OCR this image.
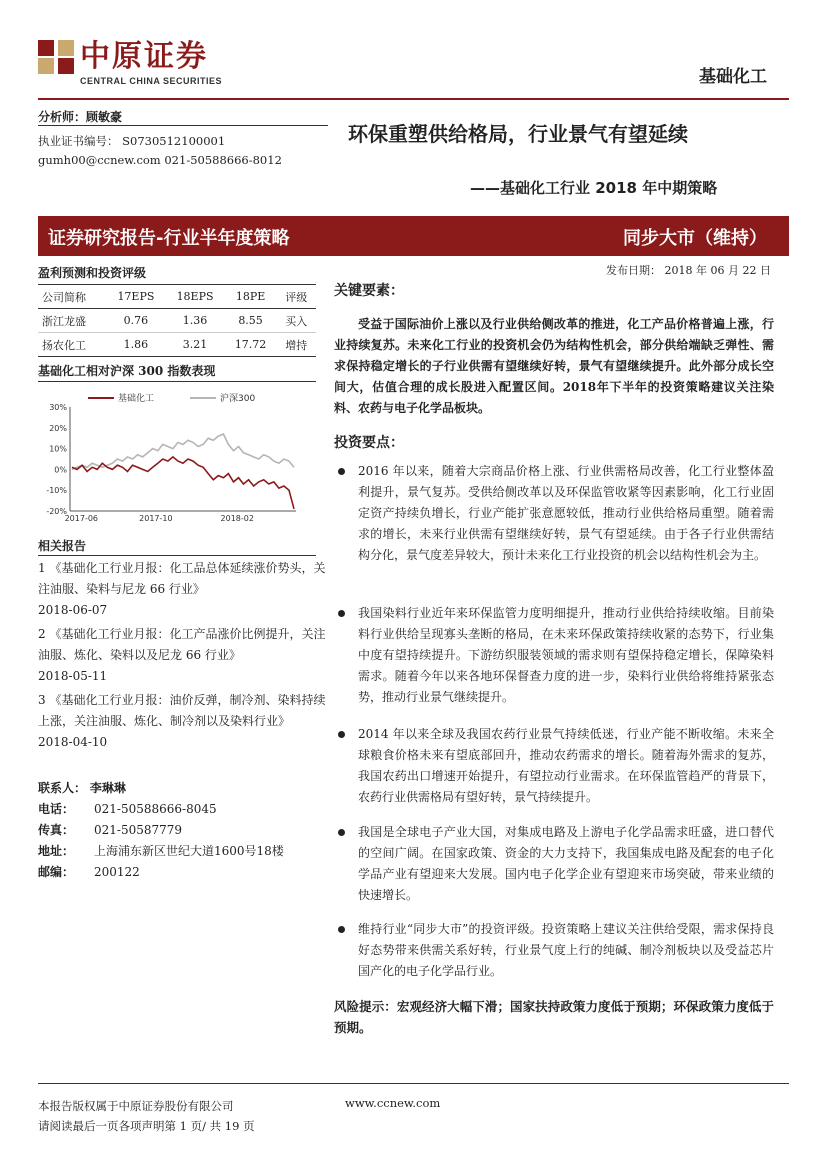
中原证券
CENTRAL CHINA SECURITIES	基础化工
分析师：顾敏豪
执业证书编号： S0730512100001
gumh00@ccnew.com 021-50588666-8012
环保重塑供给格局，行业景气有望延续
——基础化工行业 2018 年中期策略
证券研究报告-行业半年度策略	同步大市（维持）
发布日期： 2018 年 06 月 22 日
盈利预测和投资评级
公司简称	17EPS	18EPS	18PE	评级
浙江龙盛	0.76	1.36	8.55	买入
扬农化工	1.86	3.21	17.72	增持
基础化工相对沪深 300 指数表现
30%
20%
10%
0%
-10%
-20%
2017-06	2017-10	2018-02
基础化工	沪深300
相关报告
1 《基础化工行业月报：化工品总体延续涨价势头，关注油服、染料与尼龙 66 行业》
2018-06-07
2 《基础化工行业月报：化工产品涨价比例提升，关注油服、炼化、染料以及尼龙 66 行业》
2018-05-11
3 《基础化工行业月报：油价反弹，制冷剂、染料持续上涨，关注油服、炼化、制冷剂以及染料行业》
2018-04-10
联系人： 李琳琳
电话： 021-50588666-8045
传真： 021-50587779
地址： 上海浦东新区世纪大道1600号18楼
邮编： 200122
关键要素：
受益于国际油价上涨以及行业供给侧改革的推进，化工产品价格普遍上涨，行业持续复苏。未来化工行业的投资机会仍为结构性机会，部分供给端缺乏弹性、需求保持稳定增长的子行业供需有望继续好转，景气有望继续提升。此外部分成长空间大，估值合理的成长股进入配置区间。2018年下半年的投资策略建议关注染料、农药与电子化学品板块。
投资要点：
2016 年以来，随着大宗商品价格上涨、行业供需格局改善，化工行业整体盈利提升，景气复苏。受供给侧改革以及环保监管收紧等因素影响，化工行业固定资产持续负增长，行业产能扩张意愿较低，推动行业供给格局重塑。随着需求的增长，未来行业供需有望继续好转，景气有望延续。由于各子行业供需结构分化，景气度差异较大，预计未来化工行业投资的机会以结构性机会为主。
我国染料行业近年来环保监管力度明细提升，推动行业供给持续收缩。目前染料行业供给呈现寡头垄断的格局，在未来环保政策持续收紧的态势下，行业集中度有望持续提升。下游纺织服装领域的需求则有望保持稳定增长，保障染料需求。随着今年以来各地环保督查力度的进一步，染料行业供给将维持紧张态势，推动行业景气继续提升。
2014 年以来全球及我国农药行业景气持续低迷，行业产能不断收缩。未来全球粮食价格未来有望底部回升，推动农药需求的增长。随着海外需求的复苏，我国农药出口增速开始提升，有望拉动行业需求。在环保监管趋严的背景下，农药行业供需格局有望好转，景气持续提升。
我国是全球电子产业大国，对集成电路及上游电子化学品需求旺盛，进口替代的空间广阔。在国家政策、资金的大力支持下，我国集成电路及配套的电子化学品产业有望迎来大发展。国内电子化学企业有望迎来市场突破，带来业绩的快速增长。
维持行业“同步大市”的投资评级。投资策略上建议关注供给受限，需求保持良好态势带来供需关系好转，行业景气度上行的纯碱、制冷剂板块以及受益芯片国产化的电子化学品行业。
风险提示：宏观经济大幅下滑；国家扶持政策力度低于预期；环保政策力度低于预期。
本报告版权属于中原证券股份有限公司
请阅读最后一页各项声明第 1 页/ 共 19 页
www.ccnew.com
